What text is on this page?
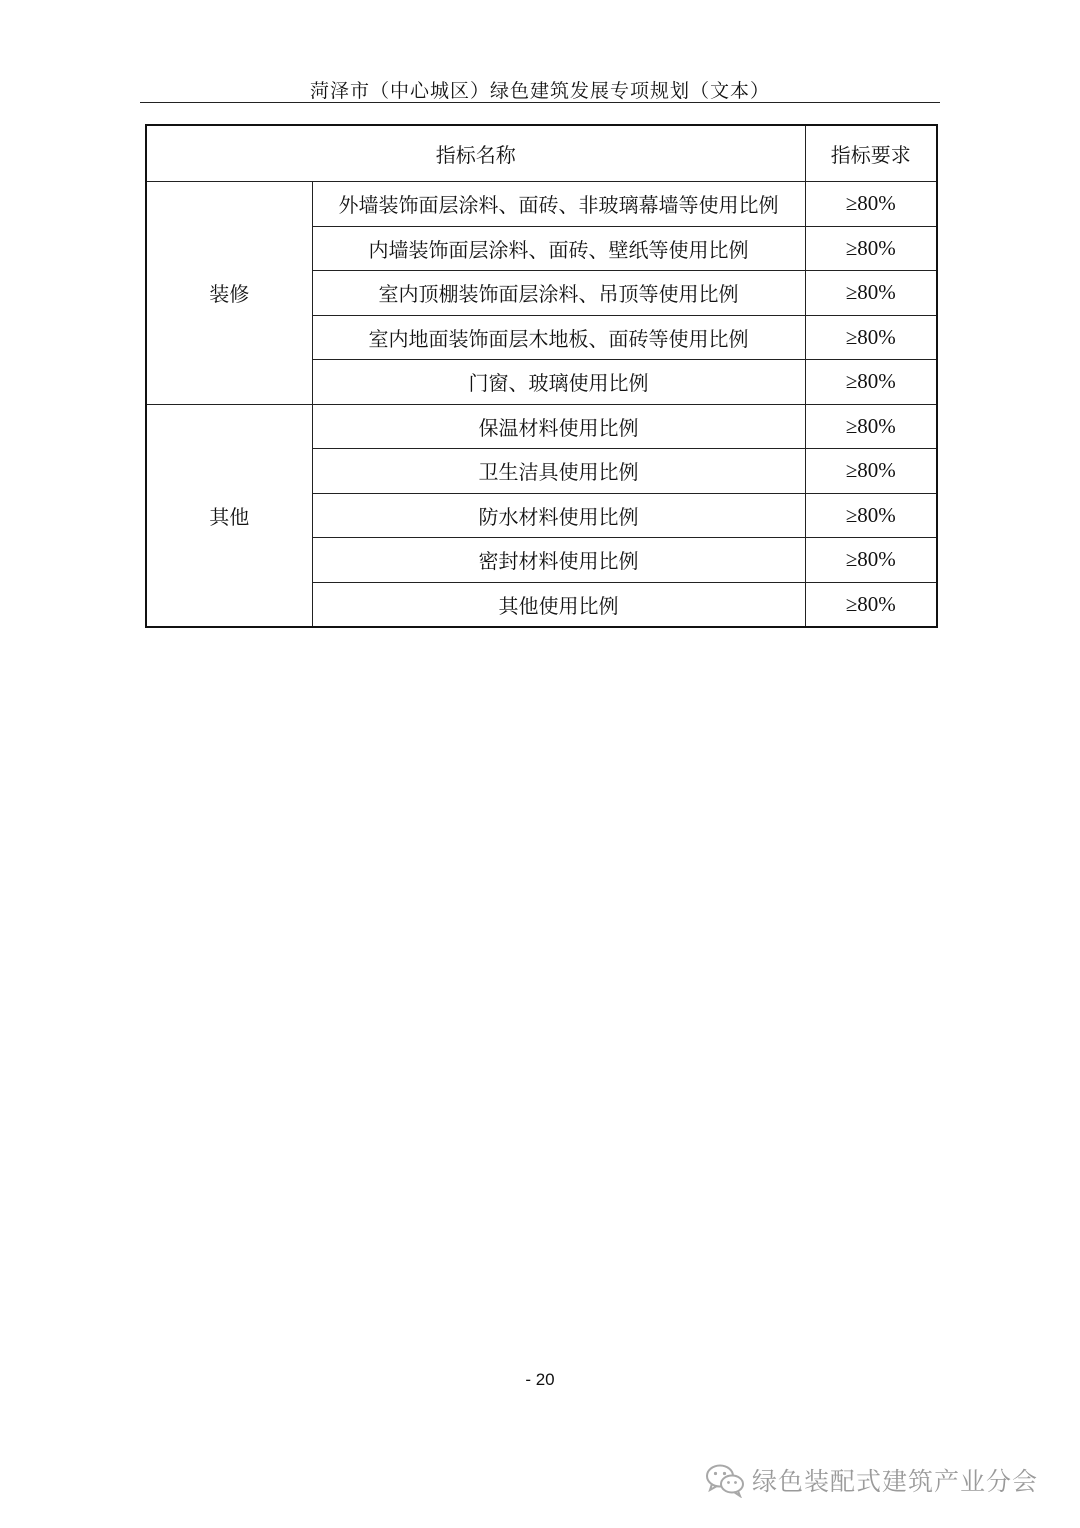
菏泽市（中心城区）绿色建筑发展专项规划（文本）
指标名称		指标要求
装修	外墙装饰面层涂料、面砖、非玻璃幕墙等使用比例	≥80%
	内墙装饰面层涂料、面砖、壁纸等使用比例	≥80%
	室内顶棚装饰面层涂料、吊顶等使用比例	≥80%
	室内地面装饰面层木地板、面砖等使用比例	≥80%
	门窗、玻璃使用比例	≥80%
其他	保温材料使用比例	≥80%
	卫生洁具使用比例	≥80%
	防水材料使用比例	≥80%
	密封材料使用比例	≥80%
	其他使用比例	≥80%
- 20
绿色装配式建筑产业分会
